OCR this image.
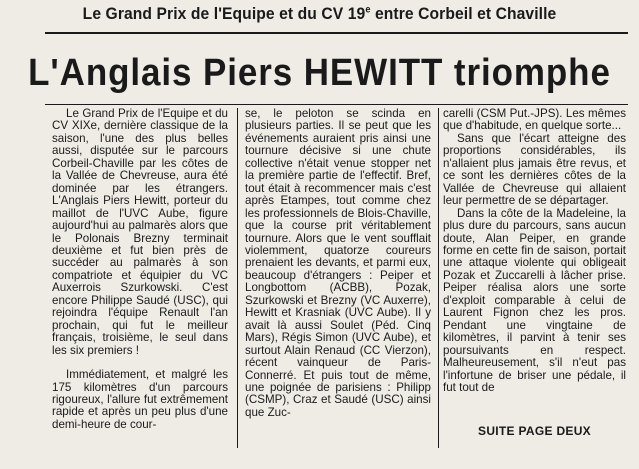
Le Grand Prix de l'Equipe et du CV 19e entre Corbeil et Chaville
L'Anglais Piers HEWITT triomphe

Le Grand Prix de l'Equipe et du CV XIXe, dernière classique de la saison, l'une des plus belles aussi, disputée sur le parcours Corbeil-Chaville par les côtes de la Vallée de Chevreuse, aura été dominée par les étrangers. L'Anglais Piers Hewitt, porteur du maillot de l'UVC Aube, figure aujourd'hui au palmarès alors que le Polonais Brezny terminait deuxième et fut bien près de succéder au palmarès à son compatriote et équipier du VC Auxerrois Szurkowski. C'est encore Philippe Saudé (USC), qui rejoindra l'équipe Renault l'an prochain, qui fut le meilleur français, troisième, le seul dans les six premiers !

Immédiatement, et malgré les 175 kilomètres d'un parcours rigoureux, l'allure fut extrêmement rapide et après un peu plus d'une demi-heure de cour-

se, le peloton se scinda en plusieurs parties. Il se peut que les événements auraient pris ainsi une tournure décisive si une chute collective n'était venue stopper net la première partie de l'effectif. Bref, tout était à recommencer mais c'est après Etampes, tout comme chez les professionnels de Blois-Chaville, que la course prit véritablement tournure. Alors que le vent soufflait violemment, quatorze coureurs prenaient les devants, et parmi eux, beaucoup d'étrangers : Peiper et Longbottom (ACBB), Pozak, Szurkowski et Brezny (VC Auxerre), Hewitt et Krasniak (UVC Aube). Il y avait là aussi Soulet (Péd. Cinq Mars), Régis Simon (UVC Aube), et surtout Alain Renaud (CC Vierzon), récent vainqueur de Paris-Connerré. Et puis tout de même, une poignée de parisiens : Philipp (CSMP), Craz et Saudé (USC) ainsi que Zuc-

carelli (CSM Put.-JPS). Les mêmes que d'habitude, en quelque sorte...

Sans que l'écart atteigne des proportions considérables, ils n'allaient plus jamais être revus, et ce sont les dernières côtes de la Vallée de Chevreuse qui allaient leur permettre de se départager.

Dans la côte de la Madeleine, la plus dure du parcours, sans aucun doute, Alan Peiper, en grande forme en cette fin de saison, portait une attaque violente qui obligeait Pozak et Zuccarelli à lâcher prise. Peiper réalisa alors une sorte d'exploit comparable à celui de Laurent Fignon chez les pros. Pendant une vingtaine de kilomètres, il parvint à tenir ses poursuivants en respect. Malheureusement, s'il n'eut pas l'infortune de briser une pédale, il fut tout de

SUITE PAGE DEUX
